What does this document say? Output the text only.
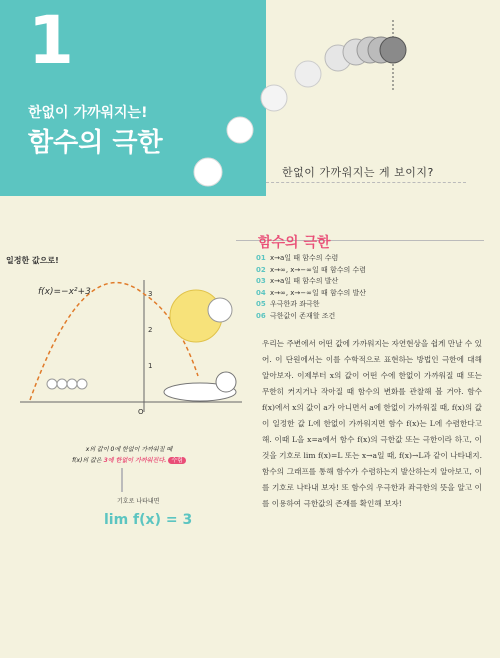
1
한없이 가까워지는!
함수의 극한
한없이 가까워지는 게 보이지?
함수의 극한
01 x→a일 때 함수의 수렴
02 x→∞, x→−∞일 때 함수의 수렴
03 x→a일 때 함수의 발산
04 x→∞, x→−∞일 때 함수의 발산
05 우극한과 좌극한
06 극한값이 존재할 조건
우리는 주변에서 어떤 값에 가까워지는 자연현상을 쉽게 만날 수 있어. 이 단원에서는 이를 수학적으로 표현하는 방법인 극한에 대해 알아보자. 이제부터 x의 값이 어떤 수에 한없이 가까워질 때 또는 무한히 커지거나 작아질 때 함수의 변화를 관찰해 볼 거야. 함수 f(x)에서 x의 값이 a가 아니면서 a에 한없이 가까워질 때, f(x)의 값이 일정한 값 L에 한없이 가까워지면 함수 f(x)는 L에 수렴한다고 해. 이때 L을 x=a에서 함수 f(x)의 극한값 또는 극한이라 하고, 이것을 기호로 lim f(x)=L 또는 x→a일 때, f(x)→L과 같이 나타내지. 함수의 그래프를 통해 함수가 수렴하는지 발산하는지 알아보고, 이를 기호로 나타내 보자! 또 함수의 우극한과 좌극한의 뜻을 알고 이를 이용하여 극한값의 존재를 확인해 보자!
일정한 값으로!
f(x)=−x²+3	3
2
1
O
x의 값이 0에 한없이 가까워질 때
f(x)의 값은 3에 한없이 가까워진다. 수렴
기호로 나타내면
lim f(x) = 3
